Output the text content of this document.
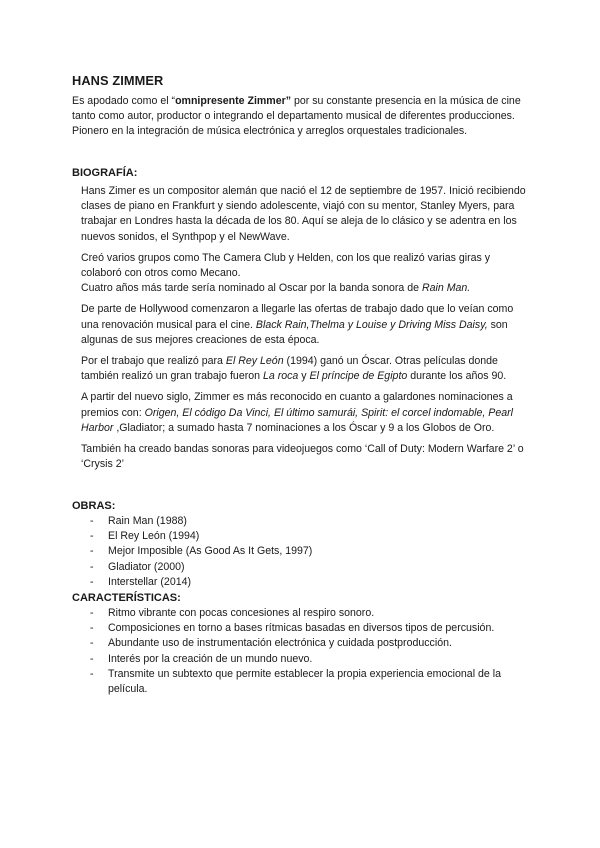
HANS ZIMMER
Es apodado como el “omnipresente Zimmer” por su constante presencia en la música de cine tanto como autor, productor o integrando el departamento musical de diferentes producciones.
Pionero en la integración de música electrónica y arreglos orquestales tradicionales.
BIOGRAFÍA:

Hans Zimer es un compositor alemán que nació el 12 de septiembre de 1957. Inició recibiendo clases de piano en Frankfurt y siendo adolescente, viajó con su mentor, Stanley Myers, para trabajar en Londres hasta la década de los 80. Aquí se aleja de lo clásico y se adentra en los nuevos sonidos, el Synthpop y el NewWave.

Creó varios grupos como The Camera Club y Helden, con los que realizó varias giras y colaboró con otros como Mecano.
Cuatro años más tarde sería nominado al Oscar por la banda sonora de Rain Man.

De parte de Hollywood comenzaron a llegarle las ofertas de trabajo dado que lo veían como una renovación musical para el cine. Black Rain,Thelma y Louise y Driving Miss Daisy, son algunas de sus mejores creaciones de esta época.

Por el trabajo que realizó para El Rey León (1994) ganó un Óscar. Otras películas donde también realizó un gran trabajo fueron La roca y El príncipe de Egipto durante los años 90.

A partir del nuevo siglo, Zimmer es más reconocido en cuanto a galardones nominaciones a premios con: Origen, El código Da Vinci, El último samurái, Spirit: el corcel indomable, Pearl Harbor ,Gladiator; a sumado hasta 7 nominaciones a los Óscar y 9 a los Globos de Oro.

También ha creado bandas sonoras para videojuegos como ‘Call of Duty: Modern Warfare 2’ o ‘Crysis 2’

OBRAS:
- Rain Man (1988)
- El Rey León (1994)
- Mejor Imposible (As Good As It Gets, 1997)
- Gladiator (2000)
- Interstellar (2014)
CARACTERÍSTICAS:
- Ritmo vibrante con pocas concesiones al respiro sonoro.
- Composiciones en torno a bases rítmicas basadas en diversos tipos de percusión.
- Abundante uso de instrumentación electrónica y cuidada postproducción.
- Interés por la creación de un mundo nuevo.
- Transmite un subtexto que permite establecer la propia experiencia emocional de la película.
